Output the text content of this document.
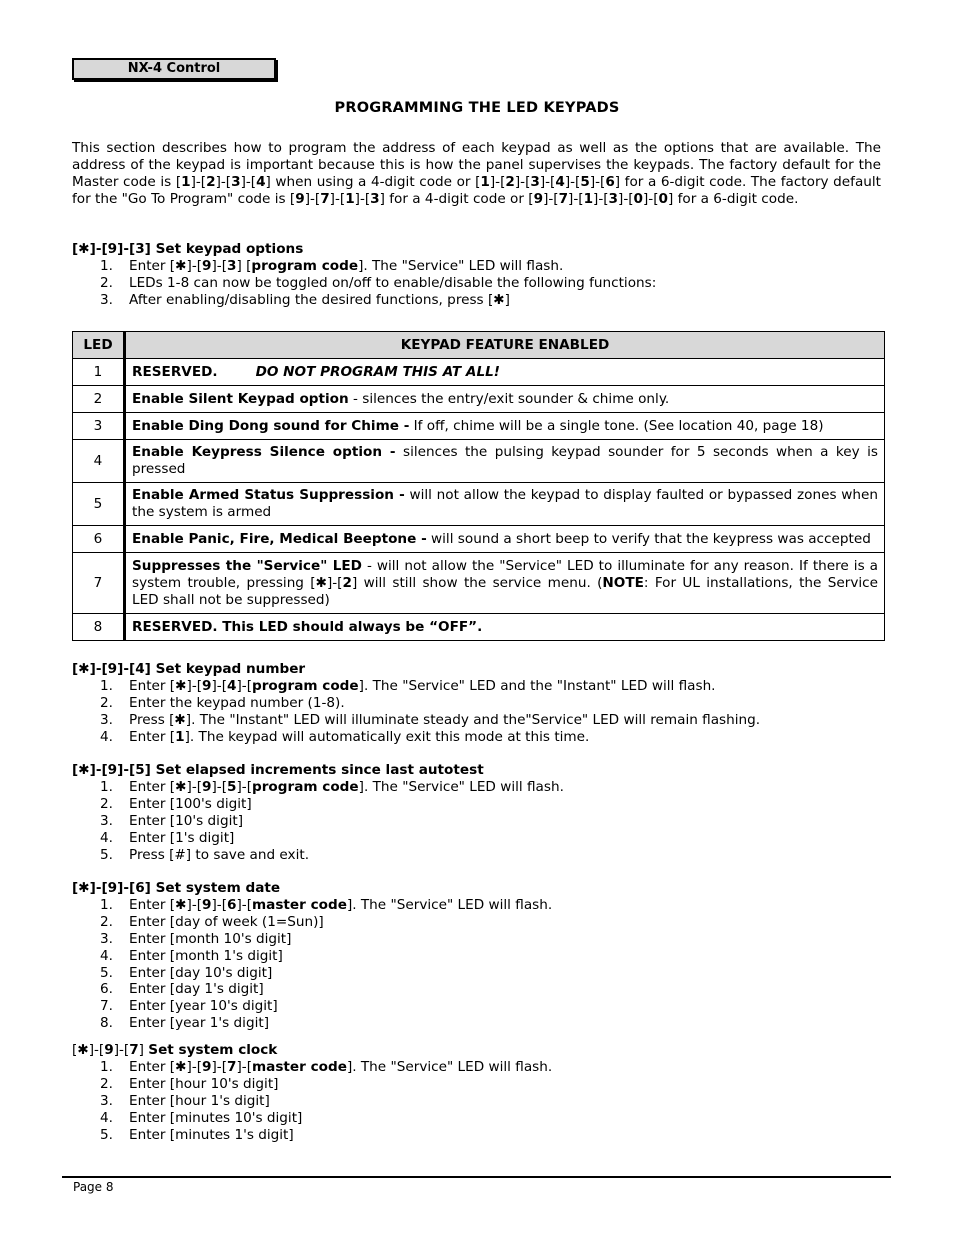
NX-4 Control
PROGRAMMING THE LED KEYPADS
This section describes how to program the address of each keypad as well as the options that are available. The address of the keypad is important because this is how the panel supervises the keypads. The factory default for the Master code is [1]-[2]-[3]-[4] when using a 4-digit code or [1]-[2]-[3]-[4]-[5]-[6] for a 6-digit code. The factory default for the "Go To Program" code is [9]-[7]-[1]-[3] for a 4-digit code or [9]-[7]-[1]-[3]-[0]-[0] for a 6-digit code.
[✱]-[9]-[3] Set keypad options
1. Enter [✱]-[9]-[3] [program code]. The "Service" LED will flash.
2. LEDs 1-8 can now be toggled on/off to enable/disable the following functions:
3. After enabling/disabling the desired functions, press [✱]
LED	KEYPAD FEATURE ENABLED
1	RESERVED. DO NOT PROGRAM THIS AT ALL!
2	Enable Silent Keypad option - silences the entry/exit sounder & chime only.
3	Enable Ding Dong sound for Chime - If off, chime will be a single tone. (See location 40, page 18)
4	Enable Keypress Silence option - silences the pulsing keypad sounder for 5 seconds when a key is pressed
5	Enable Armed Status Suppression - will not allow the keypad to display faulted or bypassed zones when the system is armed
6	Enable Panic, Fire, Medical Beeptone - will sound a short beep to verify that the keypress was accepted
7	Suppresses the "Service" LED - will not allow the "Service" LED to illuminate for any reason. If there is a system trouble, pressing [✱]-[2] will still show the service menu. (NOTE: For UL installations, the Service LED shall not be suppressed)
8	RESERVED. This LED should always be “OFF”.
[✱]-[9]-[4] Set keypad number
1. Enter [✱]-[9]-[4]-[program code]. The "Service" LED and the "Instant" LED will flash.
2. Enter the keypad number (1-8).
3. Press [✱]. The "Instant" LED will illuminate steady and the"Service" LED will remain flashing.
4. Enter [1]. The keypad will automatically exit this mode at this time.
[✱]-[9]-[5] Set elapsed increments since last autotest
1. Enter [✱]-[9]-[5]-[program code]. The "Service" LED will flash.
2. Enter [100's digit]
3. Enter [10's digit]
4. Enter [1's digit]
5. Press [#] to save and exit.
[✱]-[9]-[6] Set system date
1. Enter [✱]-[9]-[6]-[master code]. The "Service" LED will flash.
2. Enter [day of week (1=Sun)]
3. Enter [month 10's digit]
4. Enter [month 1's digit]
5. Enter [day 10's digit]
6. Enter [day 1's digit]
7. Enter [year 10's digit]
8. Enter [year 1's digit]
[✱]-[9]-[7] Set system clock
1. Enter [✱]-[9]-[7]-[master code]. The "Service" LED will flash.
2. Enter [hour 10's digit]
3. Enter [hour 1's digit]
4. Enter [minutes 10's digit]
5. Enter [minutes 1's digit]
Page 8
